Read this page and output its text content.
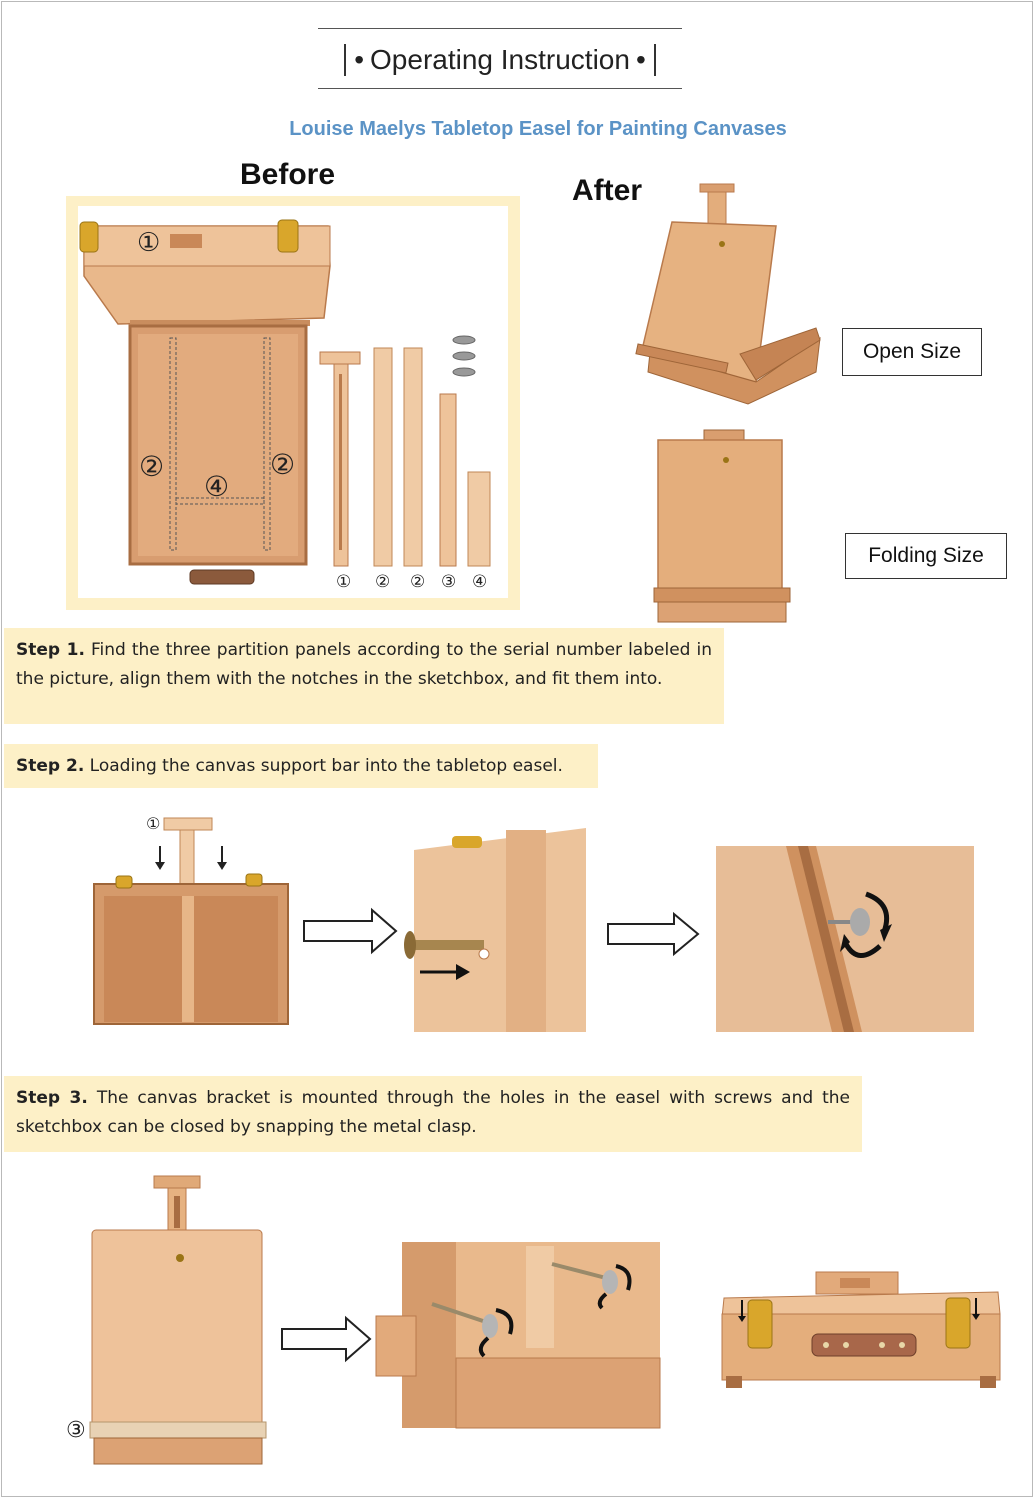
• Operating Instruction •
Louise Maelys Tabletop Easel for Painting Canvases
Before	After
①
②	②
④
① ② ② ③ ④
Open Size
Folding Size
Step 1. Find the three partition panels according to the serial number labeled in the picture, align them with the notches in the sketchbox, and fit them into.
Step 2. Loading the canvas support bar into the tabletop easel.
①
Step 3. The canvas bracket is mounted through the holes in the easel with screws and the sketchbox can be closed by snapping the metal clasp.
③
